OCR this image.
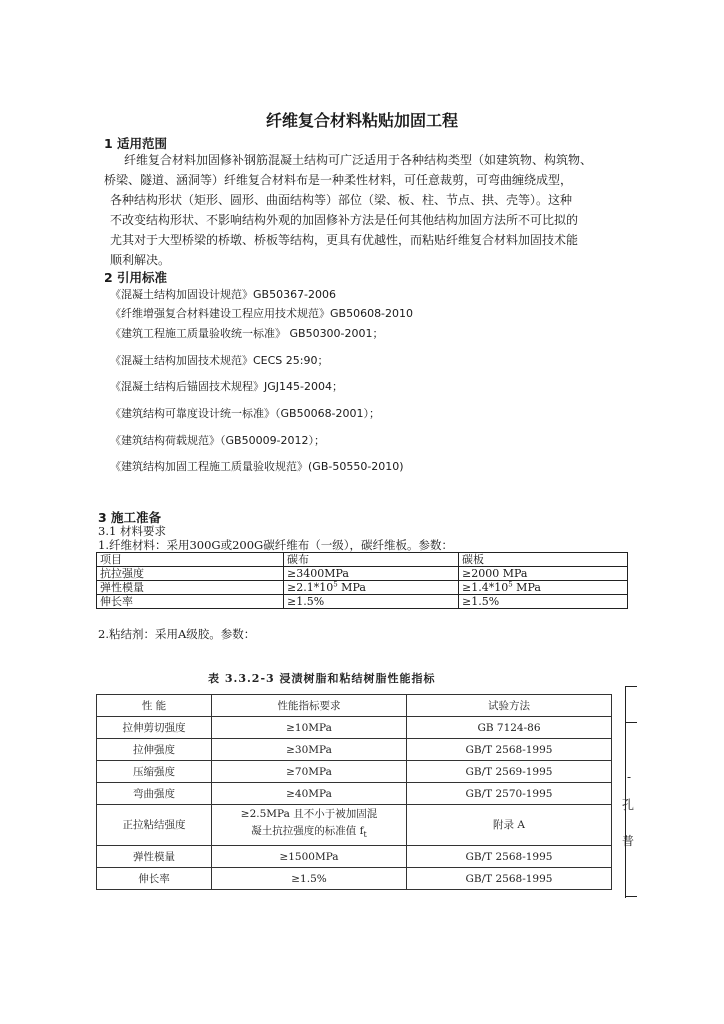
纤维复合材料粘贴加固工程
1 适用范围
纤维复合材料加固修补钢筋混凝土结构可广泛适用于各种结构类型（如建筑物、构筑物、
桥梁、隧道、涵洞等）纤维复合材料布是一种柔性材料，可任意裁剪，可弯曲缠绕成型，
各种结构形状（矩形、圆形、曲面结构等）部位（梁、板、柱、节点、拱、壳等）。这种
不改变结构形状、不影响结构外观的加固修补方法是任何其他结构加固方法所不可比拟的
尤其对于大型桥梁的桥墩、桥板等结构，更具有优越性，而粘贴纤维复合材料加固技术能
顺利解决。
2 引用标准
《混凝土结构加固设计规范》GB50367-2006
《纤维增强复合材料建设工程应用技术规范》GB50608-2010
《建筑工程施工质量验收统一标准》 GB50300-2001；
《混凝土结构加固技术规范》CECS 25:90；
《混凝土结构后锚固技术规程》JGJ145-2004；
《建筑结构可靠度设计统一标准》（GB50068-2001）；
《建筑结构荷载规范》（GB50009-2012）；
《建筑结构加固工程施工质量验收规范》(GB-50550-2010)
3 施工准备
3.1 材料要求
1.纤维材料：采用300G或200G碳纤维布（一级），碳纤维板。参数：
项目	碳布	碳板
抗拉强度	≥3400MPa	≥2000 MPa
弹性模量	$\ge 2.1*10^5$ MPa	$\ge 1.4*10^5$ MPa
伸长率	≥1.5%	≥1.5%
2.粘结剂：采用A级胶。参数：
表 3.3.2-3 浸渍树脂和粘结树脂性能指标
性 能	性能指标要求	试验方法
拉伸剪切强度	≥10MPa	GB 7124-86
拉伸强度	≥30MPa	GB/T 2568-1995
压缩强度	≥70MPa	GB/T 2569-1995
弯曲强度	≥40MPa	GB/T 2570-1995
正拉粘结强度	≥2.5MPa 且不小于被加固混
凝土抗拉强度的标准值 $f_t$	附录 A
弹性模量	≥1500MPa	GB/T 2568-1995
伸长率	≥1.5%	GB/T 2568-1995
-
孔
普
